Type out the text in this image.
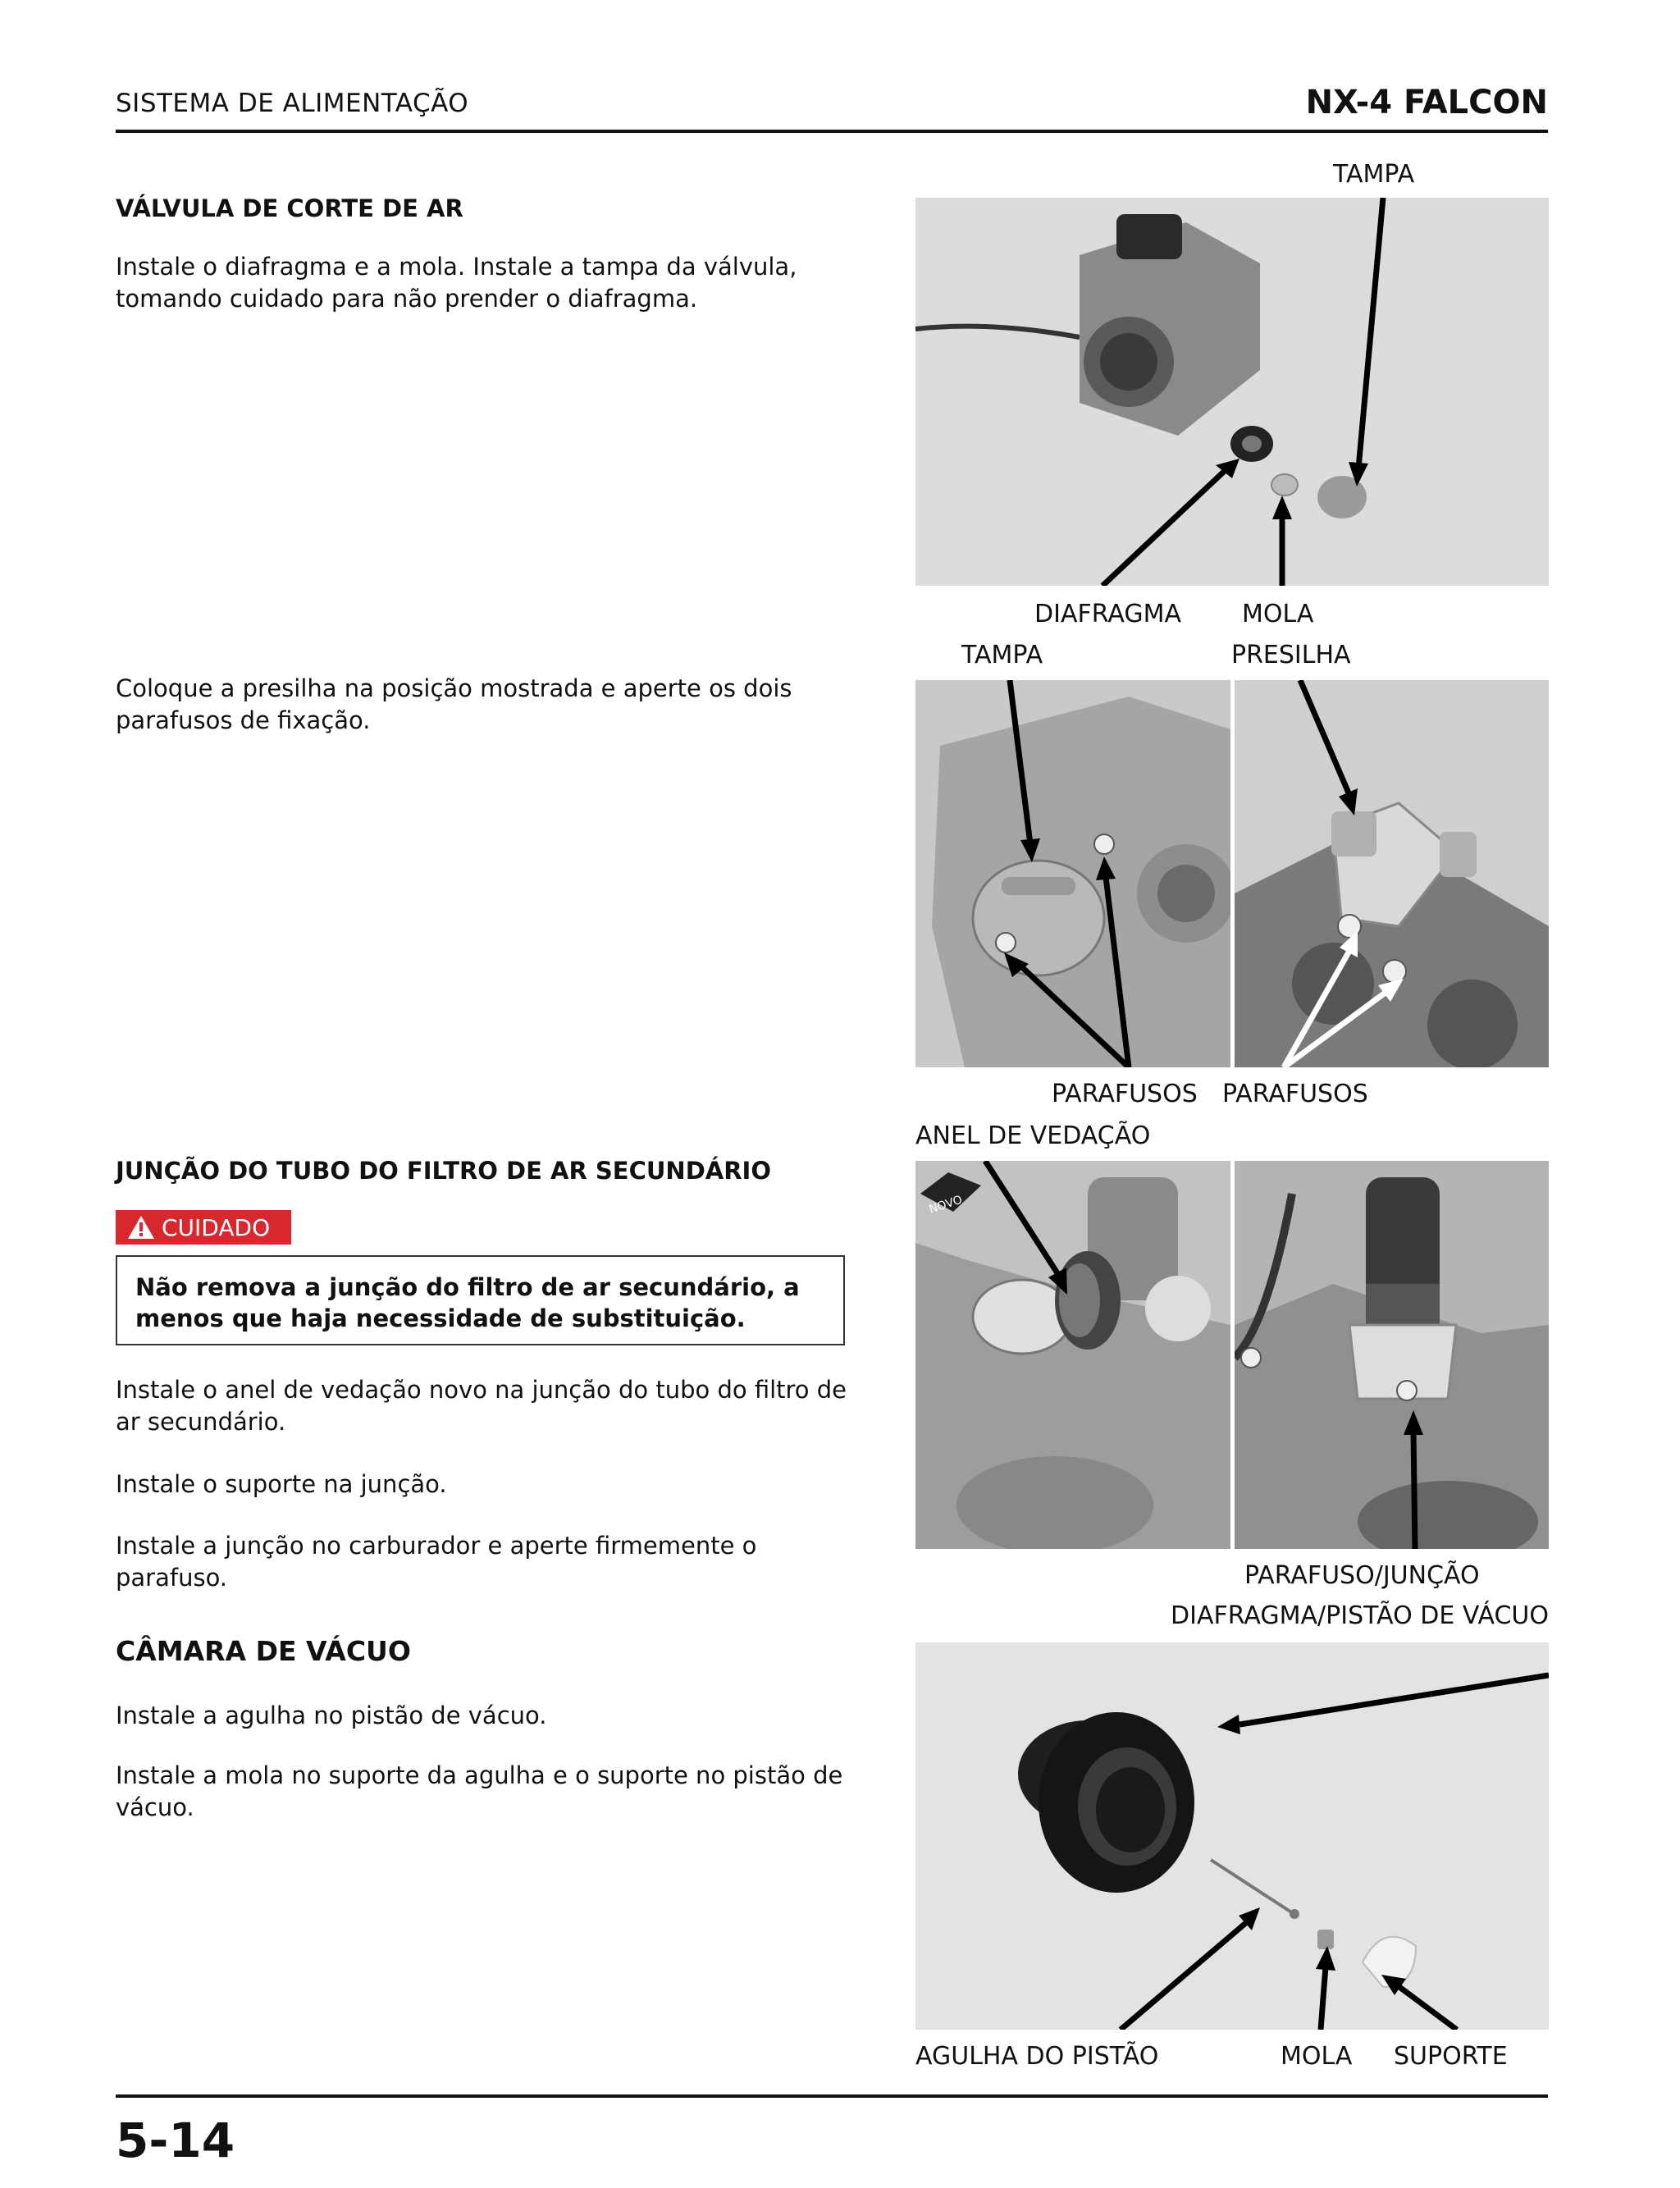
SISTEMA DE ALIMENTAÇÃO	NX-4 FALCON
VÁLVULA DE CORTE DE AR
Instale o diafragma e a mola. Instale a tampa da válvula, tomando cuidado para não prender o diafragma.
Coloque a presilha na posição mostrada e aperte os dois parafusos de fixação.
JUNÇÃO DO TUBO DO FILTRO DE AR SECUNDÁRIO
CUIDADO
Não remova a junção do filtro de ar secundário, a menos que haja necessidade de substituição.
Instale o anel de vedação novo na junção do tubo do filtro de ar secundário.
Instale o suporte na junção.
Instale a junção no carburador e aperte firmemente o parafuso.
CÂMARA DE VÁCUO
Instale a agulha no pistão de vácuo.
Instale a mola no suporte da agulha e o suporte no pistão de vácuo.
TAMPA
DIAFRAGMA MOLA
TAMPA	PRESILHA
PARAFUSOS PARAFUSOS
ANEL DE VEDAÇÃO
NOVO
PARAFUSO/JUNÇÃO
DIAFRAGMA/PISTÃO DE VÁCUO
AGULHA DO PISTÃO	MOLA SUPORTE
5-14
